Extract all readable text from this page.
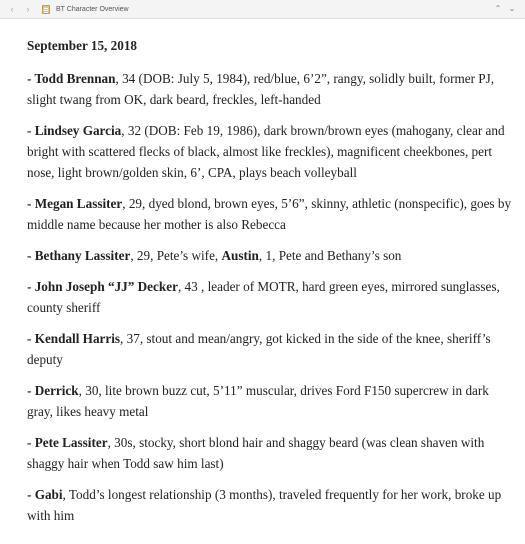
‹ ›	BT Character Overview	⌃ ⌄
September 15, 2018
- Todd Brennan, 34 (DOB: July 5, 1984), red/blue, 6’2”, rangy, solidly built, former PJ, slight twang from OK, dark beard, freckles, left-handed
- Lindsey Garcia, 32 (DOB: Feb 19, 1986), dark brown/brown eyes (mahogany, clear and bright with scattered flecks of black, almost like freckles), magnificent cheekbones, pert nose, light brown/golden skin, 6’, CPA, plays beach volleyball
- Megan Lassiter, 29, dyed blond, brown eyes, 5’6”, skinny, athletic (nonspecific), goes by middle name because her mother is also Rebecca
- Bethany Lassiter, 29, Pete’s wife, Austin, 1, Pete and Bethany’s son
- John Joseph “JJ” Decker, 43 , leader of MOTR, hard green eyes, mirrored sunglasses, county sheriff
- Kendall Harris, 37, stout and mean/angry, got kicked in the side of the knee, sheriff’s deputy
- Derrick, 30, lite brown buzz cut, 5’11” muscular, drives Ford F150 supercrew in dark gray, likes heavy metal
- Pete Lassiter, 30s, stocky, short blond hair and shaggy beard (was clean shaven with shaggy hair when Todd saw him last)
- Gabi, Todd’s longest relationship (3 months), traveled frequently for her work, broke up with him
